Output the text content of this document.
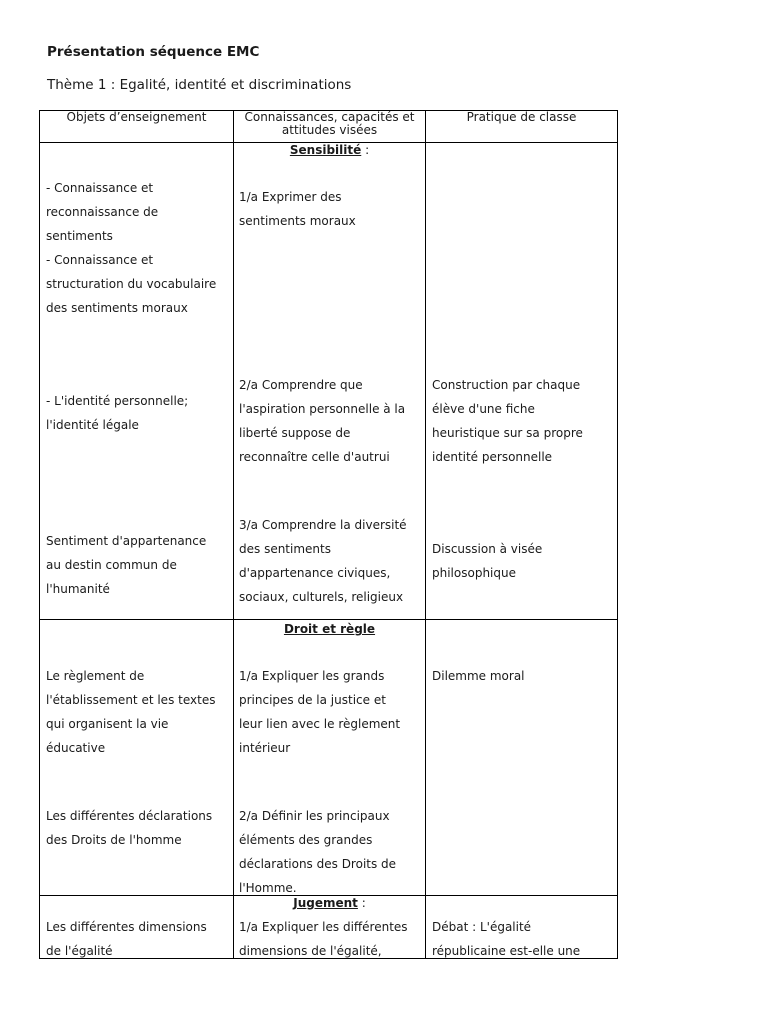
Présentation séquence EMC
Thème 1 : Egalité, identité et discriminations
Objets d’enseignement	Connaissances, capacités et
attitudes visées
Pratique de classe
Sensibilité :
Droit et règle
Jugement :
- Connaissance et
reconnaissance de
sentiments
- Connaissance et
structuration du vocabulaire
des sentiments moraux
1/a Exprimer des
sentiments moraux
- L'identité personnelle;
l'identité légale
2/a Comprendre que
l'aspiration personnelle à la
liberté suppose de
reconnaître celle d'autrui
Construction par chaque
élève d'une fiche
heuristique sur sa propre
identité personnelle
Sentiment d'appartenance
au destin commun de
l'humanité
3/a Comprendre la diversité
des sentiments
d'appartenance civiques,
sociaux, culturels, religieux
Discussion à visée
philosophique
Le règlement de
l'établissement et les textes
qui organisent la vie
éducative
1/a Expliquer les grands
principes de la justice et
leur lien avec le règlement
intérieur
Dilemme moral
Les différentes déclarations
des Droits de l'homme
2/a Définir les principaux
éléments des grandes
déclarations des Droits de
l'Homme.
Les différentes dimensions
de l'égalité
1/a Expliquer les différentes
dimensions de l'égalité,
Débat : L'égalité
républicaine est-elle une
